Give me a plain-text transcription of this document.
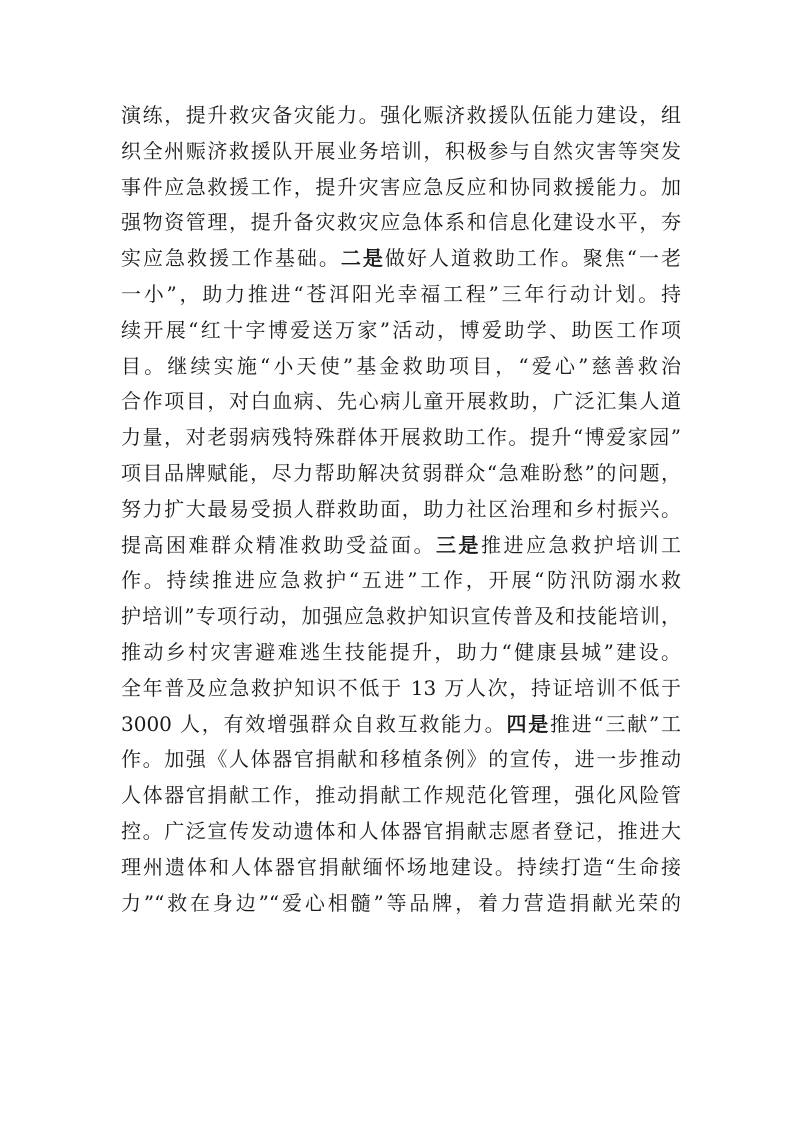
演练，提升救灾备灾能力。强化赈济救援队伍能力建设，组
织全州赈济救援队开展业务培训，积极参与自然灾害等突发
事件应急救援工作，提升灾害应急反应和协同救援能力。加
强物资管理，提升备灾救灾应急体系和信息化建设水平，夯
实应急救援工作基础。二是做好人道救助工作。聚焦“一老
一小”，助力推进“苍洱阳光幸福工程”三年行动计划。持
续开展“红十字博爱送万家”活动，博爱助学、助医工作项
目。继续实施“小天使”基金救助项目，“爱心”慈善救治
合作项目，对白血病、先心病儿童开展救助，广泛汇集人道
力量，对老弱病残特殊群体开展救助工作。提升“博爱家园”
项目品牌赋能，尽力帮助解决贫弱群众“急难盼愁”的问题，
努力扩大最易受损人群救助面，助力社区治理和乡村振兴。
提高困难群众精准救助受益面。三是推进应急救护培训工
作。持续推进应急救护“五进”工作，开展“防汛防溺水救
护培训”专项行动，加强应急救护知识宣传普及和技能培训，
推动乡村灾害避难逃生技能提升，助力“健康县城”建设。
全年普及应急救护知识不低于 13 万人次，持证培训不低于
3000 人，有效增强群众自救互救能力。四是推进“三献”工
作。加强《人体器官捐献和移植条例》的宣传，进一步推动
人体器官捐献工作，推动捐献工作规范化管理，强化风险管
控。广泛宣传发动遗体和人体器官捐献志愿者登记，推进大
理州遗体和人体器官捐献缅怀场地建设。持续打造“生命接
力”“救在身边”“爱心相髓”等品牌，着力营造捐献光荣的
